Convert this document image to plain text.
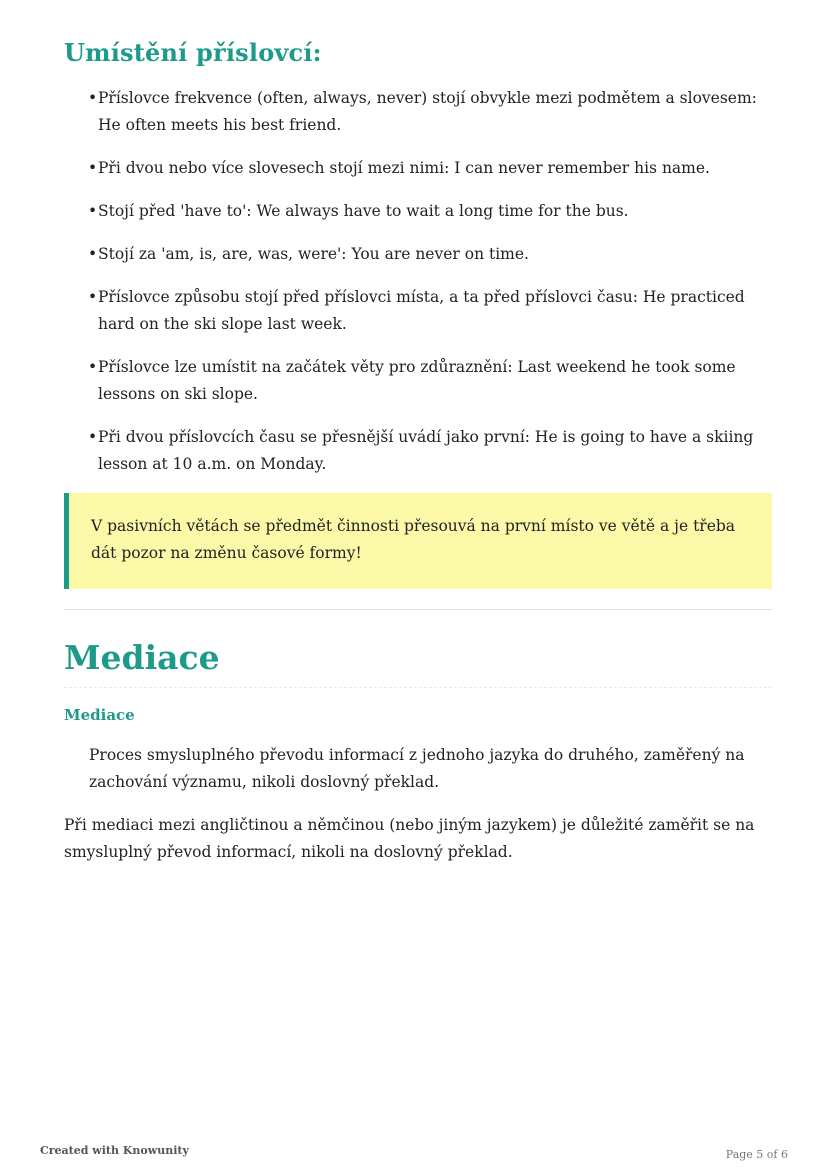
Umístění příslovcí:
• Příslovce frekvence (often, always, never) stojí obvykle mezi podmětem a slovesem: He often meets his best friend.
• Při dvou nebo více slovesech stojí mezi nimi: I can never remember his name.
• Stojí před 'have to': We always have to wait a long time for the bus.
• Stojí za 'am, is, are, was, were': You are never on time.
• Příslovce způsobu stojí před příslovci místa, a ta před příslovci času: He practiced hard on the ski slope last week.
• Příslovce lze umístit na začátek věty pro zdůraznění: Last weekend he took some lessons on ski slope.
• Při dvou příslovcích času se přesnější uvádí jako první: He is going to have a skiing lesson at 10 a.m. on Monday.
V pasivních větách se předmět činnosti přesouvá na první místo ve větě a je třeba dát pozor na změnu časové formy!
Mediace
Mediace
Proces smysluplného převodu informací z jednoho jazyka do druhého, zaměřený na zachování významu, nikoli doslovný překlad.

Při mediaci mezi angličtinou a němčinou (nebo jiným jazykem) je důležité zaměřit se na smysluplný převod informací, nikoli na doslovný překlad.

Created with Knowunity	Page 5 of 6
